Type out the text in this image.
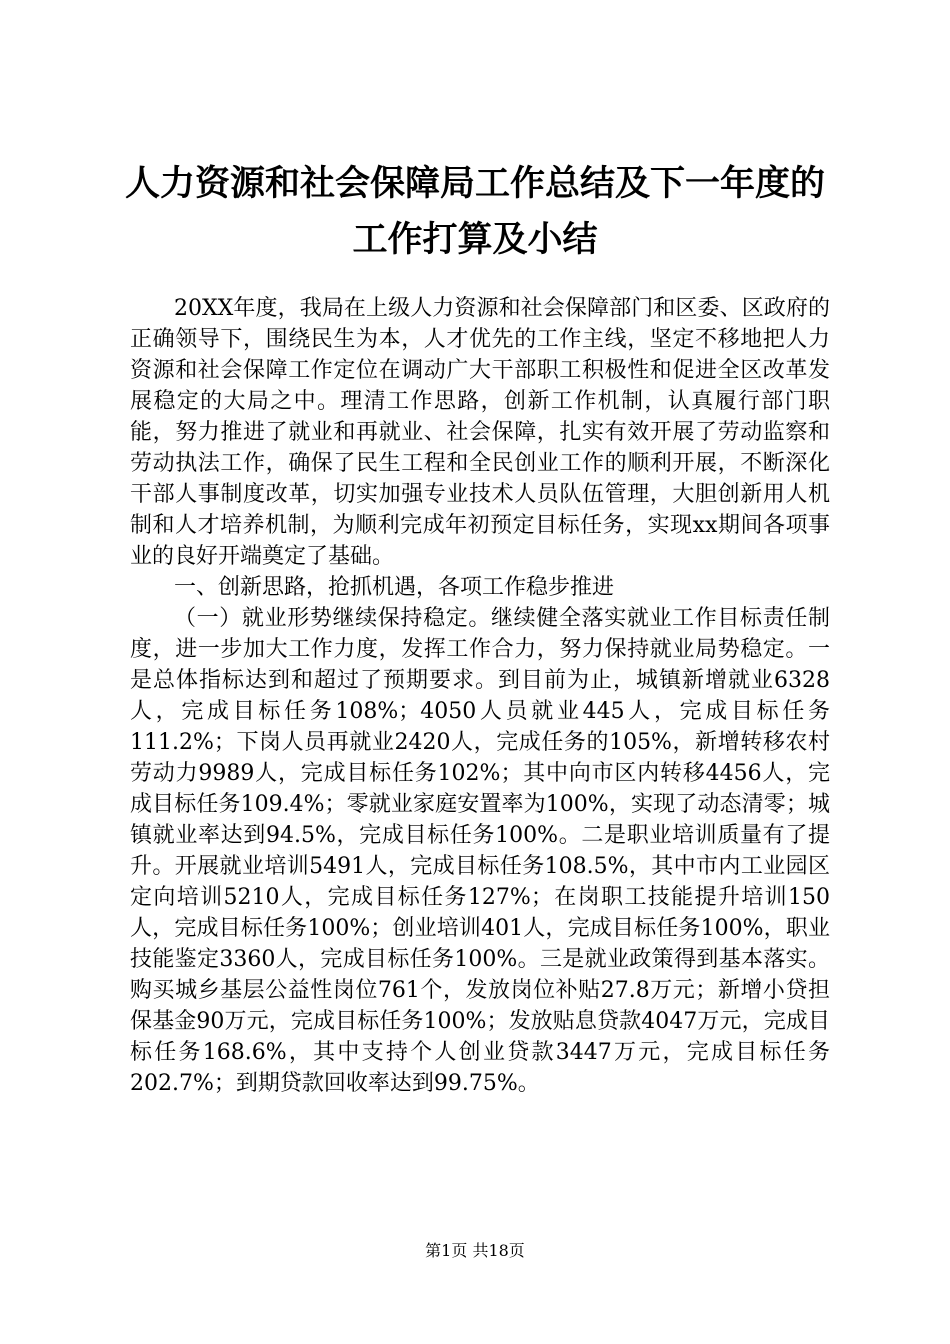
人力资源和社会保障局工作总结及下一年度的
工作打算及小结

20XX年度，我局在上级人力资源和社会保障部门和区委、区政府的正确领导下，围绕民生为本，人才优先的工作主线，坚定不移地把人力资源和社会保障工作定位在调动广大干部职工积极性和促进全区改革发展稳定的大局之中。理清工作思路，创新工作机制，认真履行部门职能，努力推进了就业和再就业、社会保障，扎实有效开展了劳动监察和劳动执法工作，确保了民生工程和全民创业工作的顺利开展，不断深化干部人事制度改革，切实加强专业技术人员队伍管理，大胆创新用人机制和人才培养机制，为顺利完成年初预定目标任务，实现xx期间各项事业的良好开端奠定了基础。

一、创新思路，抢抓机遇，各项工作稳步推进

（一）就业形势继续保持稳定。继续健全落实就业工作目标责任制度，进一步加大工作力度，发挥工作合力，努力保持就业局势稳定。一是总体指标达到和超过了预期要求。到目前为止，城镇新增就业6328人，完成目标任务108%；4050人员就业445人，完成目标任务111.2%；下岗人员再就业2420人，完成任务的105%，新增转移农村劳动力9989人，完成目标任务102%；其中向市区内转移4456人，完成目标任务109.4%；零就业家庭安置率为100%，实现了动态清零；城镇就业率达到94.5%，完成目标任务100%。二是职业培训质量有了提升。开展就业培训5491人，完成目标任务108.5%，其中市内工业园区定向培训5210人，完成目标任务127%；在岗职工技能提升培训150人，完成目标任务100%；创业培训401人，完成目标任务100%，职业技能鉴定3360人，完成目标任务100%。三是就业政策得到基本落实。购买城乡基层公益性岗位761个，发放岗位补贴27.8万元；新增小贷担保基金90万元，完成目标任务100%；发放贴息贷款4047万元，完成目标任务168.6%，其中支持个人创业贷款3447万元，完成目标任务202.7%；到期贷款回收率达到99.75%。

第1页 共18页
